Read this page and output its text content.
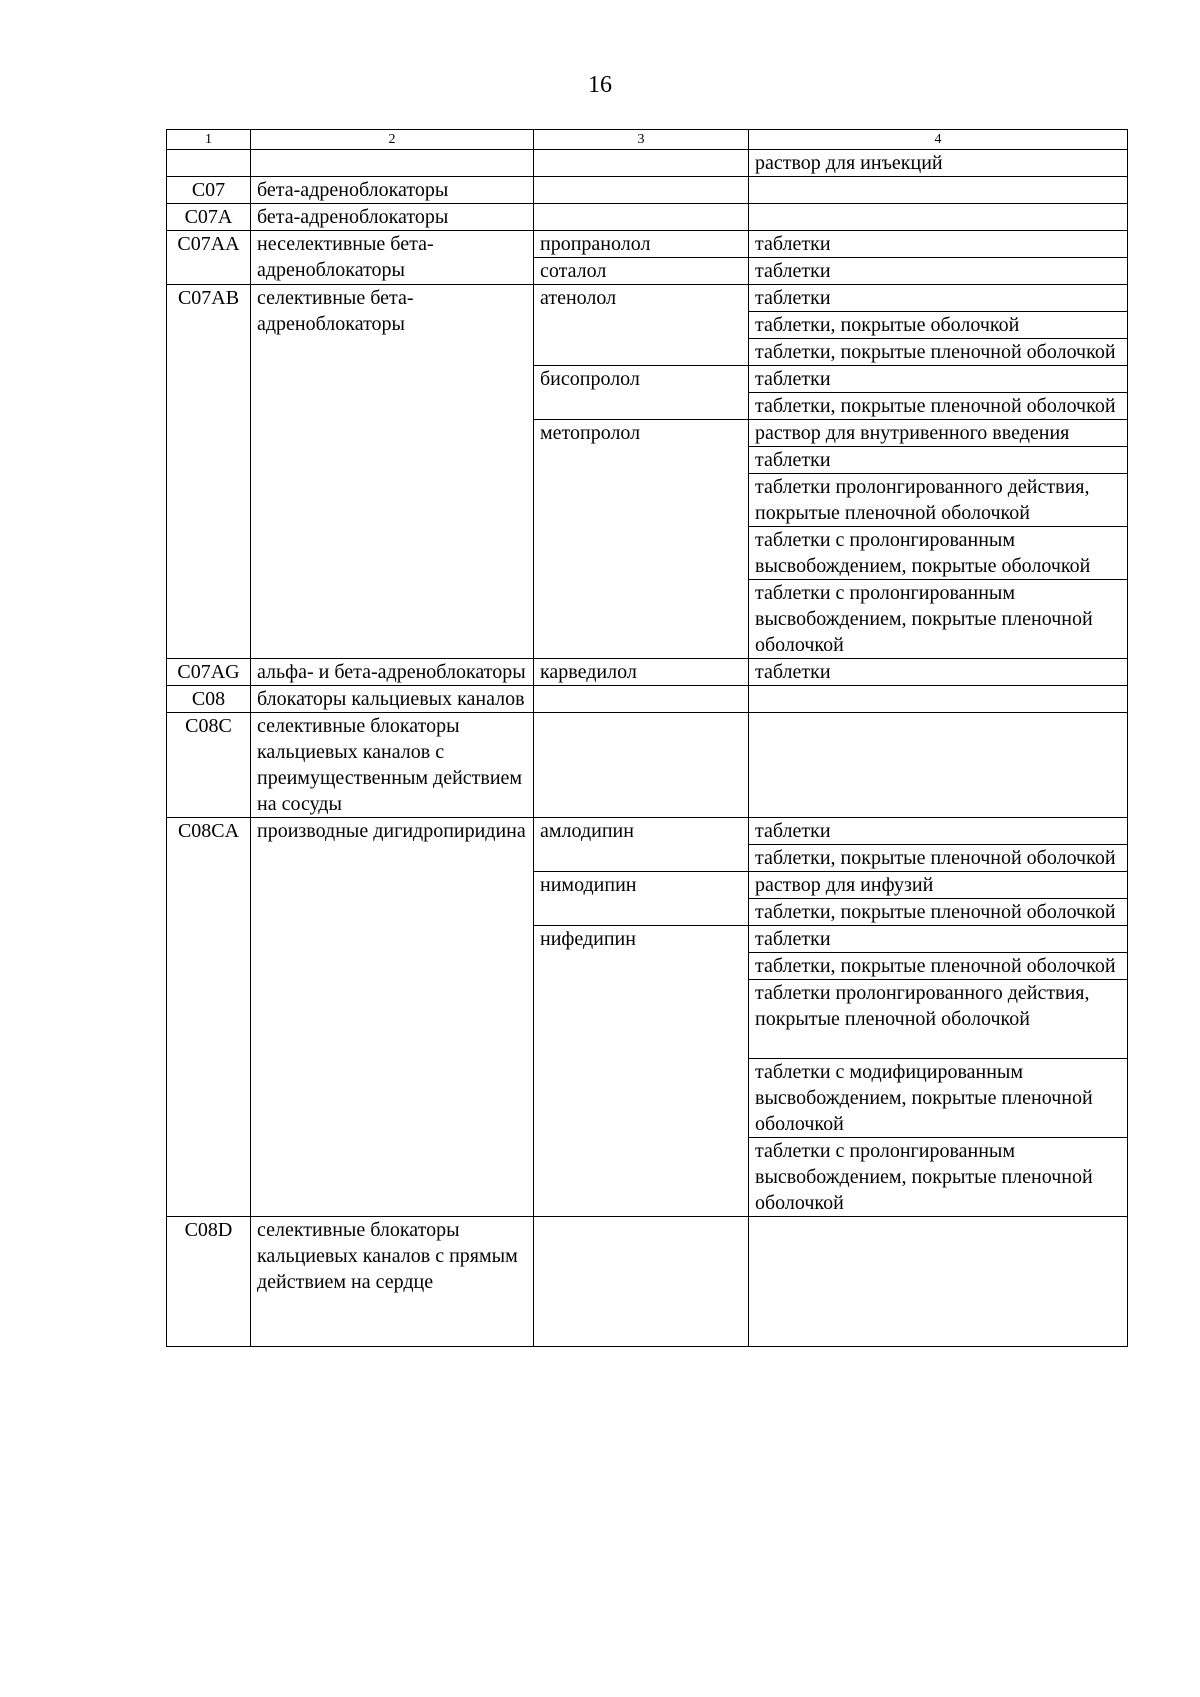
16
1	2	3	4
			раствор для инъекций
C07	бета-адреноблокаторы		
C07A	бета-адреноблокаторы		
C07AA	неселективные бета-адреноблокаторы	пропранолол	таблетки
		соталол	таблетки
C07AB	селективные бета-адреноблокаторы	атенолол	таблетки
			таблетки, покрытые оболочкой
			таблетки, покрытые пленочной оболочкой
		бисопролол	таблетки
			таблетки, покрытые пленочной оболочкой
		метопролол	раствор для внутривенного введения
			таблетки
			таблетки пролонгированного действия, покрытые пленочной оболочкой
			таблетки с пролонгированным высвобождением, покрытые оболочкой
			таблетки с пролонгированным высвобождением, покрытые пленочной оболочкой
C07AG	альфа- и бета-адреноблокаторы	карведилол	таблетки
C08	блокаторы кальциевых каналов		
C08C	селективные блокаторы кальциевых каналов с преимущественным действием на сосуды		
C08CA	производные дигидропиридина	амлодипин	таблетки
			таблетки, покрытые пленочной оболочкой
		нимодипин	раствор для инфузий
			таблетки, покрытые пленочной оболочкой
		нифедипин	таблетки
			таблетки, покрытые пленочной оболочкой
			таблетки пролонгированного действия, покрытые пленочной оболочкой
			таблетки с модифицированным высвобождением, покрытые пленочной оболочкой
			таблетки с пролонгированным высвобождением, покрытые пленочной оболочкой
C08D	селективные блокаторы кальциевых каналов с прямым действием на сердце		
